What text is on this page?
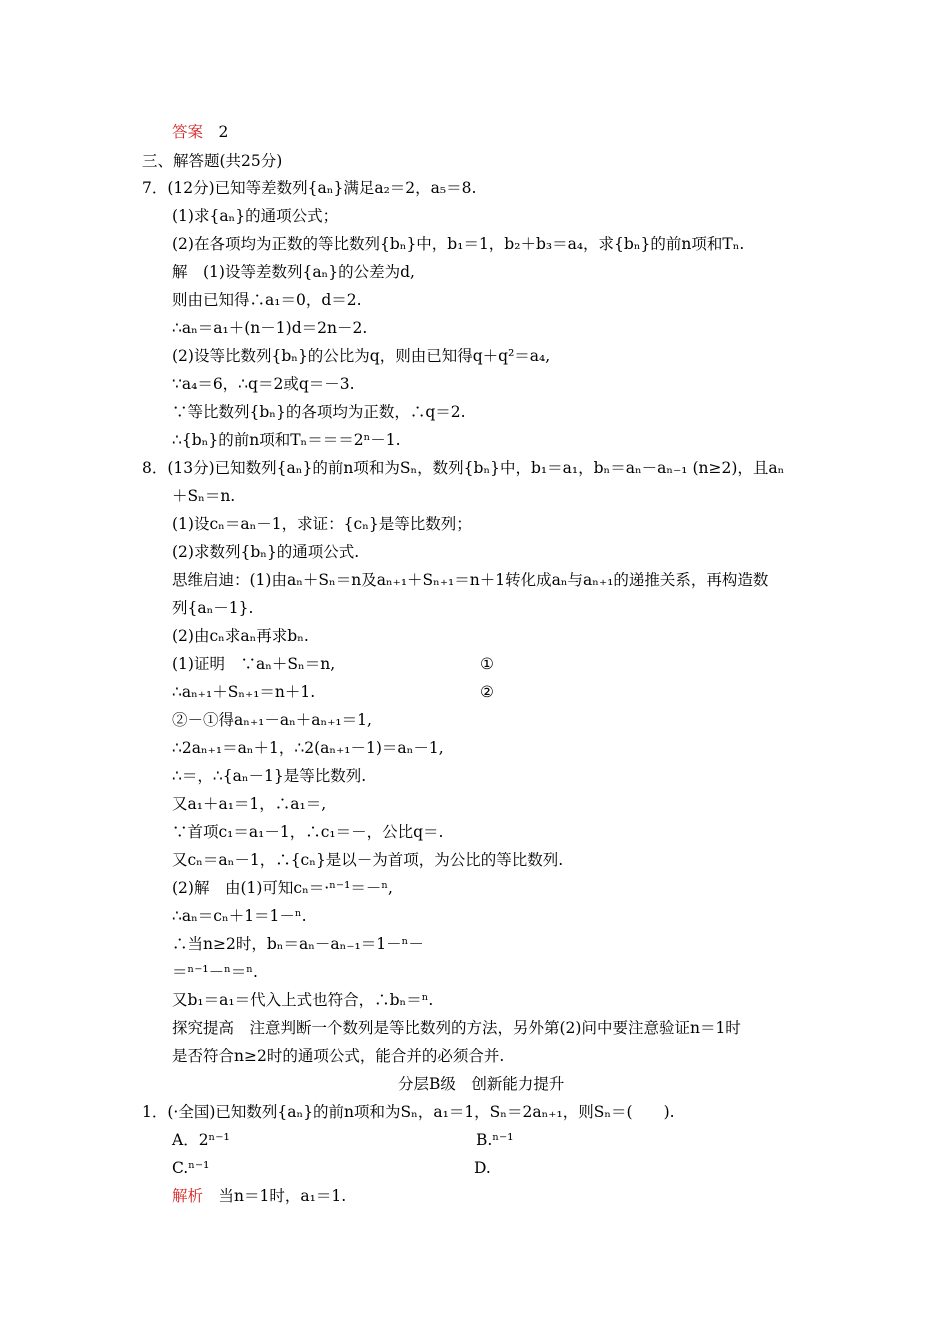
答案　 2
三、解答题(共25分)
7．(12分)已知等差数列{aₙ}满足a₂＝2，a₅＝8.
(1)求{aₙ}的通项公式；
(2)在各项均为正数的等比数列{bₙ}中，b₁＝1，b₂＋b₃＝a₄，求{bₙ}的前n项和Tₙ.
解　(1)设等差数列{aₙ}的公差为d,
则由已知得∴a₁＝0，d＝2.
∴aₙ＝a₁＋(n－1)d＝2n－2.
(2)设等比数列{bₙ}的公比为q，则由已知得q＋q²＝a₄,
∵a₄＝6，∴q＝2或q＝－3.
∵等比数列{bₙ}的各项均为正数，∴q＝2.
∴{bₙ}的前n项和Tₙ＝＝＝2ⁿ－1.
8．(13分)已知数列{aₙ}的前n项和为Sₙ，数列{bₙ}中，b₁＝a₁，bₙ＝aₙ－aₙ₋₁ (n≥2)，且aₙ
＋Sₙ＝n.
(1)设cₙ＝aₙ－1，求证：{cₙ}是等比数列；
(2)求数列{bₙ}的通项公式.
思维启迪：(1)由aₙ＋Sₙ＝n及aₙ₊₁＋Sₙ₊₁＝n＋1转化成aₙ与aₙ₊₁的递推关系，再构造数
列{aₙ－1}.
(2)由cₙ求aₙ再求bₙ.
(1)证明　∵aₙ＋Sₙ＝n,	①
∴aₙ₊₁＋Sₙ₊₁＝n＋1.	②
②－①得aₙ₊₁－aₙ＋aₙ₊₁＝1,
∴2aₙ₊₁＝aₙ＋1，∴2(aₙ₊₁－1)＝aₙ－1,
∴＝，∴{aₙ－1}是等比数列.
又a₁＋a₁＝1，∴a₁＝,
∵首项c₁＝a₁－1，∴c₁＝－，公比q＝.
又cₙ＝aₙ－1，∴{cₙ}是以－为首项，为公比的等比数列.
(2)解　由(1)可知cₙ＝·ⁿ⁻¹＝－ⁿ,
∴aₙ＝cₙ＋1＝1－ⁿ.
∴当n≥2时，bₙ＝aₙ－aₙ₋₁＝1－ⁿ－
＝ⁿ⁻¹－ⁿ＝ⁿ.
又b₁＝a₁＝代入上式也符合，∴bₙ＝ⁿ.
探究提高　注意判断一个数列是等比数列的方法，另外第(2)问中要注意验证n＝1时
是否符合n≥2时的通项公式，能合并的必须合并.
分层B级　创新能力提升
1．(·全国)已知数列{aₙ}的前n项和为Sₙ，a₁＝1，Sₙ＝2aₙ₊₁，则Sₙ＝(　　).
A．2ⁿ⁻¹	B.ⁿ⁻¹
C.ⁿ⁻¹	D.
解析　 当n＝1时，a₁＝1.
